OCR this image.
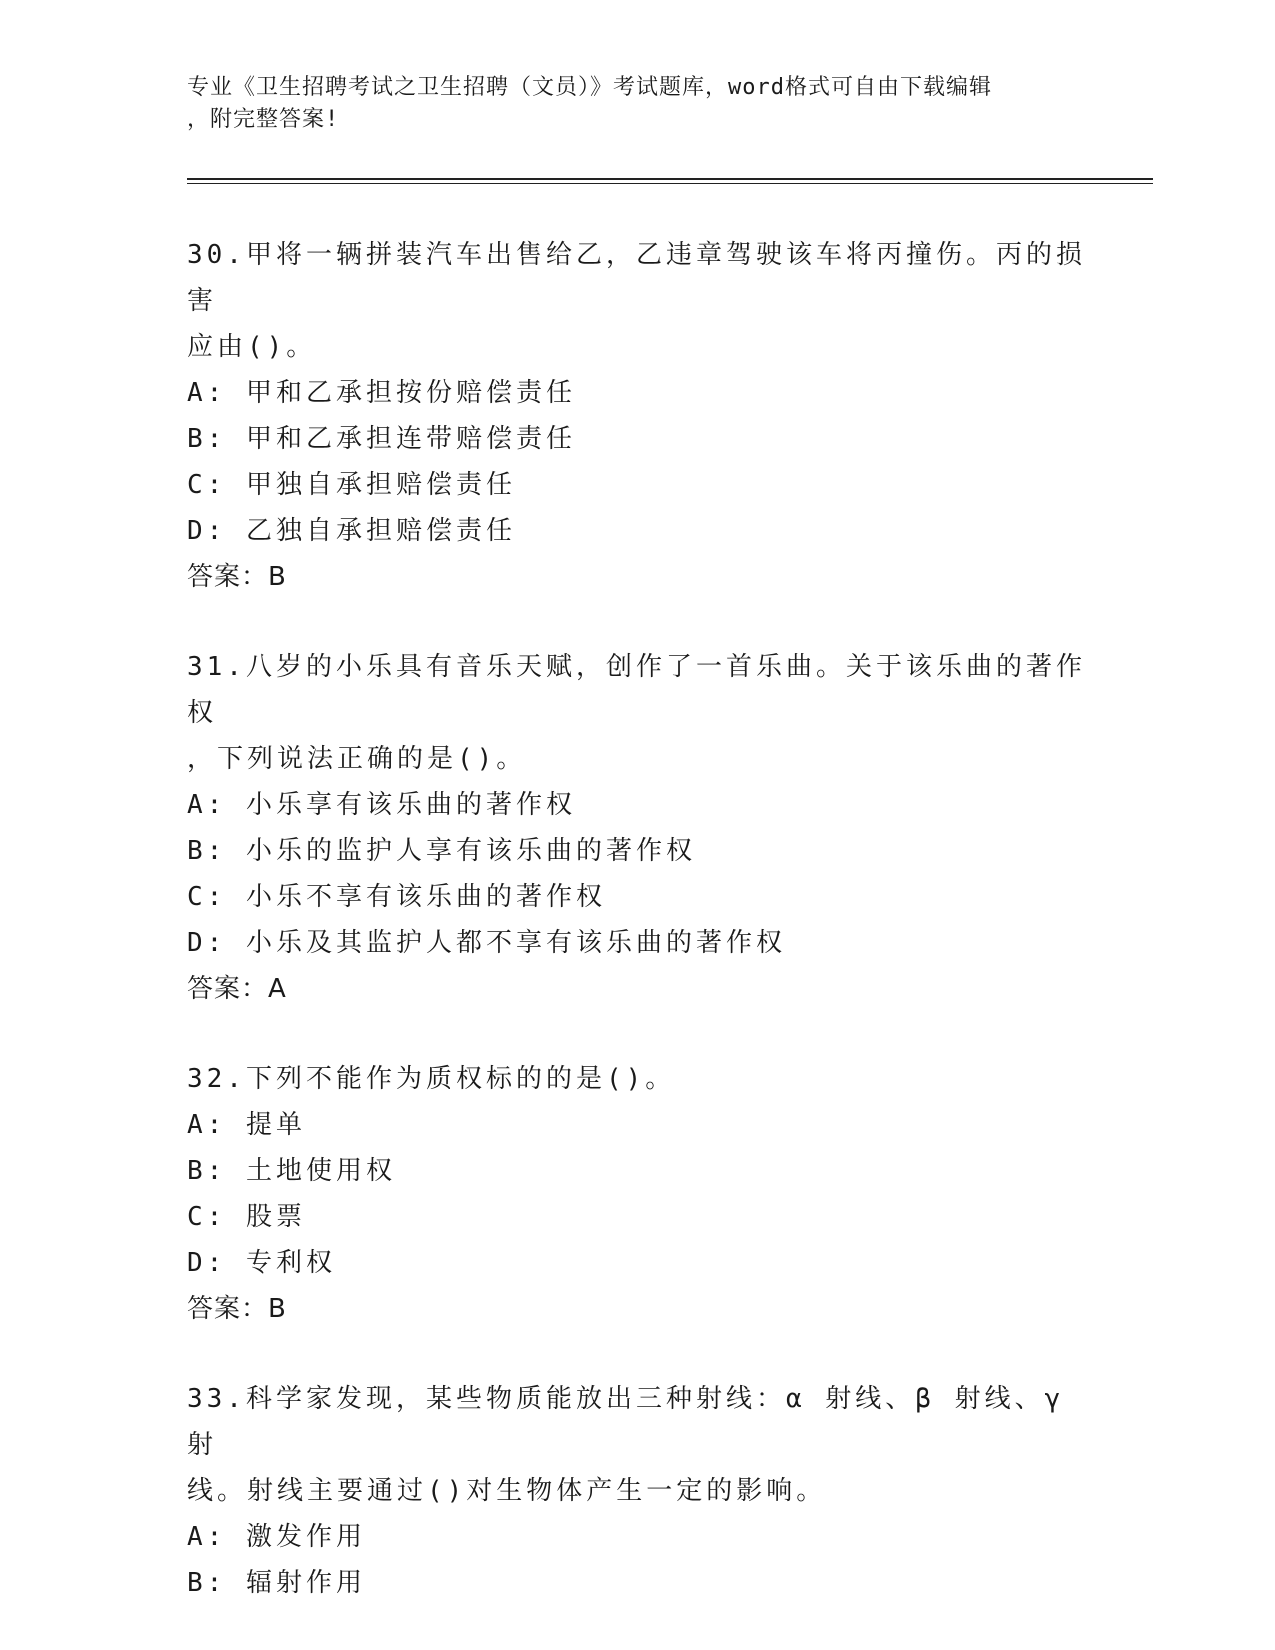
专业《卫生招聘考试之卫生招聘（文员）》考试题库，word格式可自由下载编辑
，附完整答案!

30.甲将一辆拼装汽车出售给乙，乙违章驾驶该车将丙撞伤。丙的损害

应由()。

A: 甲和乙承担按份赔偿责任

B: 甲和乙承担连带赔偿责任

C: 甲独自承担赔偿责任

D: 乙独自承担赔偿责任

答案：B

31.八岁的小乐具有音乐天赋，创作了一首乐曲。关于该乐曲的著作权

，下列说法正确的是()。

A: 小乐享有该乐曲的著作权

B: 小乐的监护人享有该乐曲的著作权

C: 小乐不享有该乐曲的著作权

D: 小乐及其监护人都不享有该乐曲的著作权

答案：A

32.下列不能作为质权标的的是()。

A: 提单

B: 土地使用权

C: 股票

D: 专利权

答案：B

33.科学家发现，某些物质能放出三种射线：α 射线、β 射线、γ 射

线。射线主要通过()对生物体产生一定的影响。

A: 激发作用

B: 辐射作用
